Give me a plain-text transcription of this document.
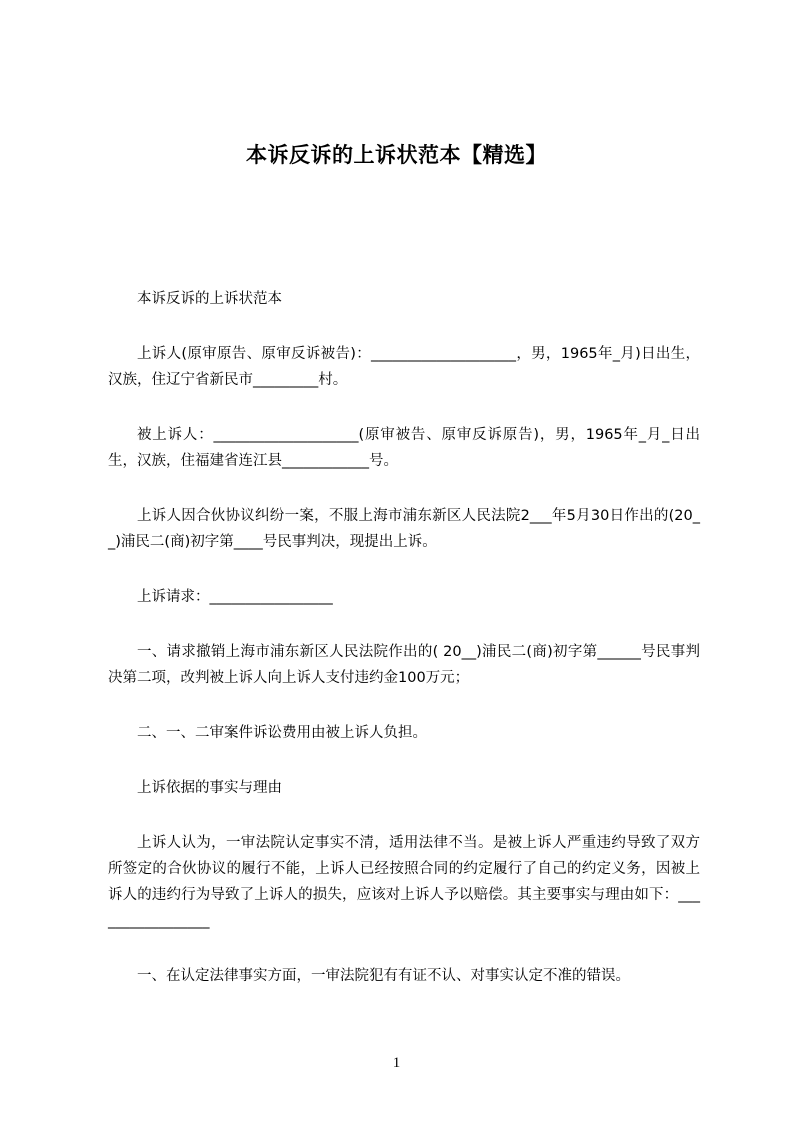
本诉反诉的上诉状范本【精选】

本诉反诉的上诉状范本

上诉人(原审原告、原审反诉被告)：____________________，男，1965年_月)日出生，汉族，住辽宁省新民市_________村。

被上诉人：____________________(原审被告、原审反诉原告)，男，1965年_月_日出生，汉族，住福建省连江县____________号。

上诉人因合伙协议纠纷一案，不服上海市浦东新区人民法院2___年5月30日作出的(20__)浦民二(商)初字第____号民事判决，现提出上诉。

上诉请求：_________________

一、请求撤销上海市浦东新区人民法院作出的( 20__)浦民二(商)初字第______号民事判决第二项，改判被上诉人向上诉人支付违约金100万元；

二、一、二审案件诉讼费用由被上诉人负担。

上诉依据的事实与理由

上诉人认为，一审法院认定事实不清，适用法律不当。是被上诉人严重违约导致了双方所签定的合伙协议的履行不能，上诉人已经按照合同的约定履行了自己的约定义务，因被上诉人的违约行为导致了上诉人的损失，应该对上诉人予以赔偿。其主要事实与理由如下：_________________

一、在认定法律事实方面，一审法院犯有有证不认、对事实认定不准的错误。

1
